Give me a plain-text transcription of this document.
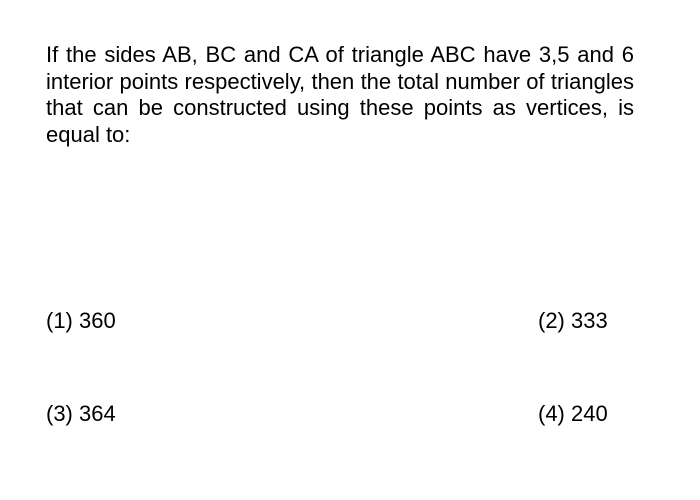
If the sides AB, BC and CA of triangle ABC have 3,5 and 6 interior points respectively, then the total number of triangles that can be constructed using these points as vertices, is equal to:

(1) 360	(2) 333
(3) 364	(4) 240
